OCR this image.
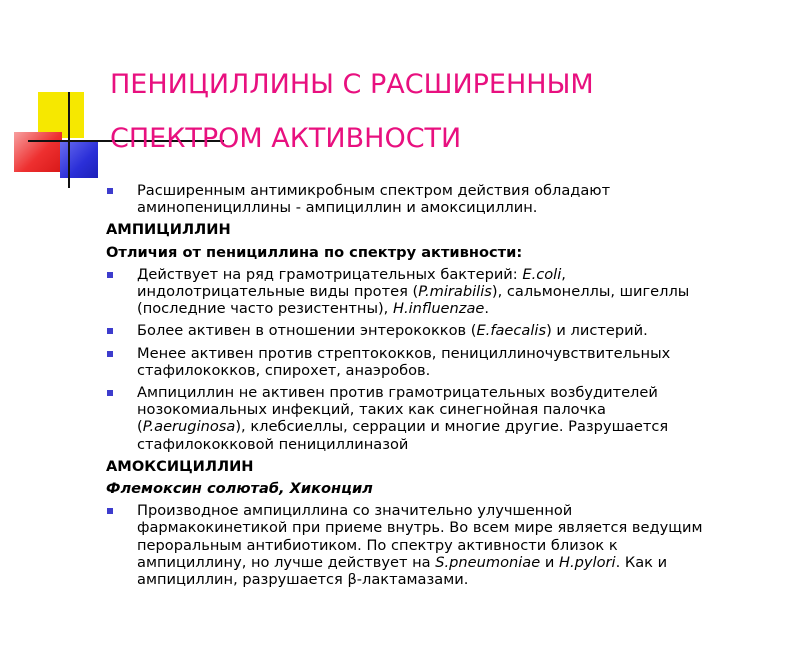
ПЕНИЦИЛЛИНЫ С РАСШИРЕННЫМ
СПЕКТРОМ АКТИВНОСТИ
Расширенным антимикробным спектром действия обладают
аминопенициллины - ампициллин и амоксициллин.
АМПИЦИЛЛИН
Отличия от пенициллина по спектру активности:
Действует на ряд грамотрицательных бактерий: E.coli,
индолотрицательные виды протея (P.mirabilis), сальмонеллы, шигеллы
(последние часто резистентны), H.influenzae.
Более активен в отношении энтерококков (E.faecalis) и листерий.
Менее активен против стрептококков, пенициллиночувствительных
стафилококков, спирохет, анаэробов.
Ампициллин не активен против грамотрицательных возбудителей
нозокомиальных инфекций, таких как синегнойная палочка
(P.aeruginosa), клебсиеллы, серрации и многие другие. Разрушается
стафилококковой пенициллиназой
АМОКСИЦИЛЛИН
Флемоксин солютаб, Хиконцил
Производное ампициллина со значительно улучшенной
фармакокинетикой при приеме внутрь. Во всем мире является ведущим
пероральным антибиотиком. По спектру активности близок к
ампициллину, но лучше действует на S.pneumoniae и H.pylori. Как и
ампициллин, разрушается β-лактамазами.
